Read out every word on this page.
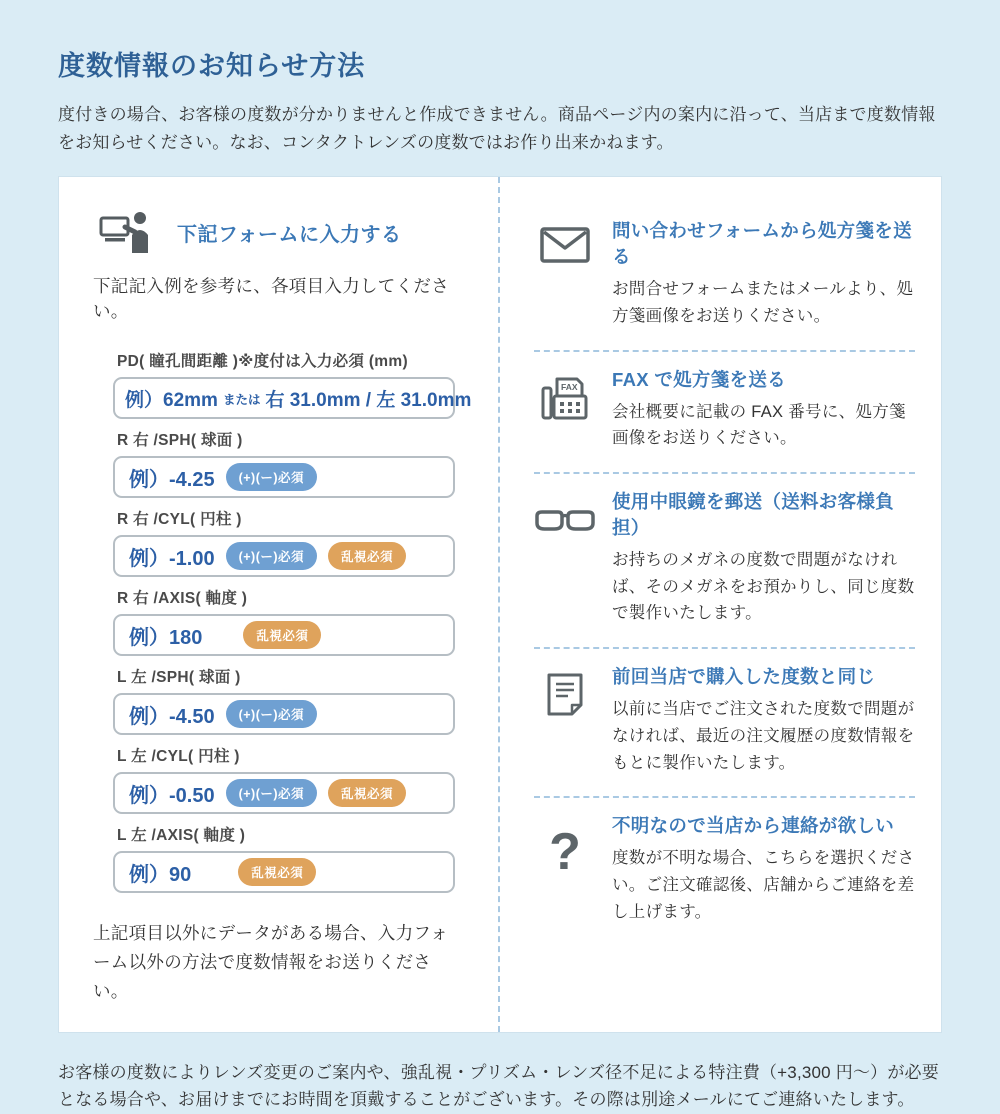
度数情報のお知らせ方法

度付きの場合、お客様の度数が分かりませんと作成できません。商品ページ内の案内に沿って、当店まで度数情報をお知らせください。なお、コンタクトレンズの度数ではお作り出来かねます。

下記フォームに入力する

下記記入例を参考に、各項目入力してください。

PD( 瞳孔間距離 )※度付は入力必須 (mm)
例）62mm または 右 31.0mm / 左 31.0mm
R 右 /SPH( 球面 )
例）-4.25	(+)(ー)必須
R 右 /CYL( 円柱 )
例）-1.00	(+)(ー)必須	乱視必須
R 右 /AXIS( 軸度 )
例）180	乱視必須
L 左 /SPH( 球面 )
例）-4.50	(+)(ー)必須
L 左 /CYL( 円柱 )
例）-0.50	(+)(ー)必須	乱視必須
L 左 /AXIS( 軸度 )
例）90	乱視必須

上記項目以外にデータがある場合、入力フォーム以外の方法で度数情報をお送りください。

問い合わせフォームから処方箋を送る
お問合せフォームまたはメールより、処方箋画像をお送りください。
FAX FAX で処方箋を送る
会社概要に記載の FAX 番号に、処方箋画像をお送りください。
使用中眼鏡を郵送（送料お客様負担）
お持ちのメガネの度数で問題がなければ、そのメガネをお預かりし、同じ度数で製作いたします。
前回当店で購入した度数と同じ
以前に当店でご注文された度数で問題がなければ、最近の注文履歴の度数情報をもとに製作いたします。
? 不明なので当店から連絡が欲しい
度数が不明な場合、こちらを選択ください。ご注文確認後、店舗からご連絡を差し上げます。

お客様の度数によりレンズ変更のご案内や、強乱視・プリズム・レンズ径不足による特注費（+3,300 円〜）が必要となる場合や、お届けまでにお時間を頂戴することがございます。その際は別途メールにてご連絡いたします。
